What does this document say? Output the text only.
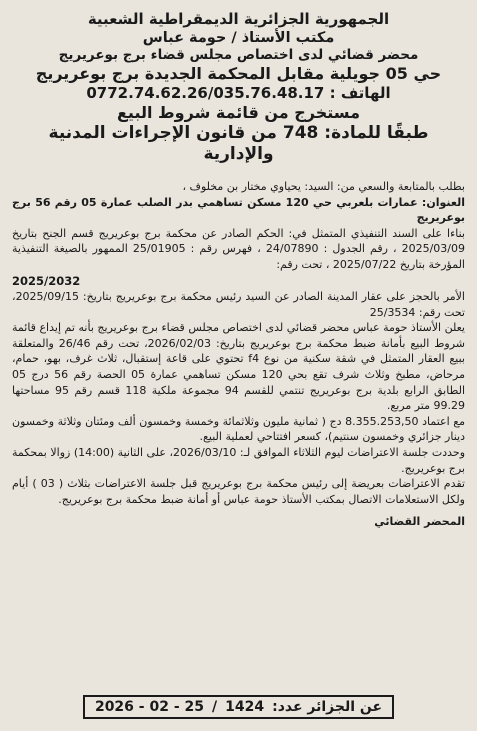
الجمهورية الجزائرية الديمقراطية الشعبية
مكتب الأستاذ / حومة عباس
محضر قضائي لدى اختصاص مجلس قضاء برج بوعريريج
حي 05 جويلية مقابل المحكمة الجديدة برج بوعريريج
الهاتف : 0772.74.62.26/035.76.48.17
مستخرج من قائمة شروط البيع
طبقًا للمادة: 748 من قانون الإجراءات المدنية والإدارية

بطلب بالمتابعة والسعي من: السيد: يحياوي مختار بن مخلوف ،

العنوان: عمارات بلعربي حي 120 مسكن تساهمي بدر الصلب عمارة 05 رقم 56 برج بوعريريج

بناءا على السند التنفيذي المتمثل في: الحكم الصادر عن محكمة برج بوعريريج قسم الجنح بتاريخ 2025/03/09 ، رقم الجدول : 24/07890 ، فهرس رقم : 25/01905 الممهور بالصيغة التنفيذية المؤرخة بتاريخ 2025/07/22 ، تحت رقم:

2025/2032

الأمر بالحجز على عقار المدينة الصادر عن السيد رئيس محكمة برج بوعريريج بتاريخ: 2025/09/15، تحت رقم: 25/3534

يعلن الأستاذ حومة عباس محضر قضائي لدى اختصاص مجلس قضاء برج بوعريريج بأنه تم إيداع قائمة شروط البيع بأمانة ضبط محكمة برج بوعريريج بتاريخ: 2026/02/03، تحت رقم 26/46 والمتعلقة ببيع العقار المتمثل في شقة سكنية من نوع f4 تحتوي على قاعة إستقبال، ثلاث غرف، بهو، حمام، مرحاض، مطبخ وثلاث شرف تقع بحي 120 مسكن تساهمي عمارة 05 الحصة رقم 56 درج 05 الطابق الرابع بلدية برج بوعريريج تنتمي للقسم 94 مجموعة ملكية 118 قسم رقم 95 مساحتها 99.29 متر مربع.

مع اعتماد 8.355.253,50 دج ( ثمانية مليون وثلاثمائة وخمسة وخمسون ألف ومئتان وثلاثة وخمسون دينار جزائري وخمسون سنتيم)، كسعر افتتاحي لعملية البيع.

وحددت جلسة الاعتراضات ليوم الثلاثاء الموافق لـ: 2026/03/10، على الثانية (14:00) زوالا بمحكمة برج بوعريريج.

تقدم الاعتراضات بعريضة إلى رئيس محكمة برج بوعريريج قبل جلسة الاعتراضات بثلاث ( 03 ) أيام ولكل الاستعلامات الاتصال بمكتب الأستاذ حومة عباس أو أمانة ضبط محكمة برج بوعريريج.

المحضر القضائي
عن الجزائر عدد:
1424
/
2026 - 02 - 25
